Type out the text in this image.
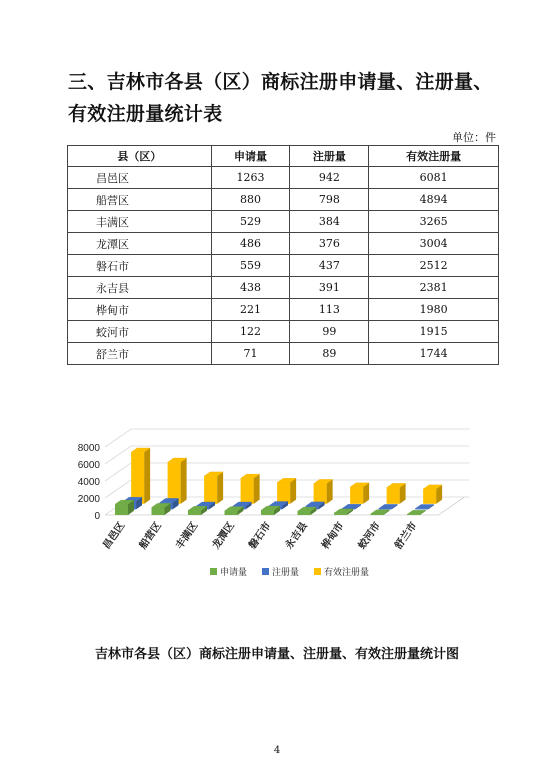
三、吉林市各县（区）商标注册申请量、注册量、有效注册量统计表
单位：件
县（区）	申请量	注册量	有效注册量
昌邑区	1263	942	6081
船营区	880	798	4894
丰满区	529	384	3265
龙潭区	486	376	3004
磐石市	559	437	2512
永吉县	438	391	2381
桦甸市	221	113	1980
蛟河市	122	99	1915
舒兰市	71	89	1744
0
2000
4000
6000
8000
昌邑区 船营区 丰满区 龙潭区 磐石市 永吉县 桦甸市 蛟河市 舒兰市
申请量	注册量	有效注册量
吉林市各县（区）商标注册申请量、注册量、有效注册量统计图
4
